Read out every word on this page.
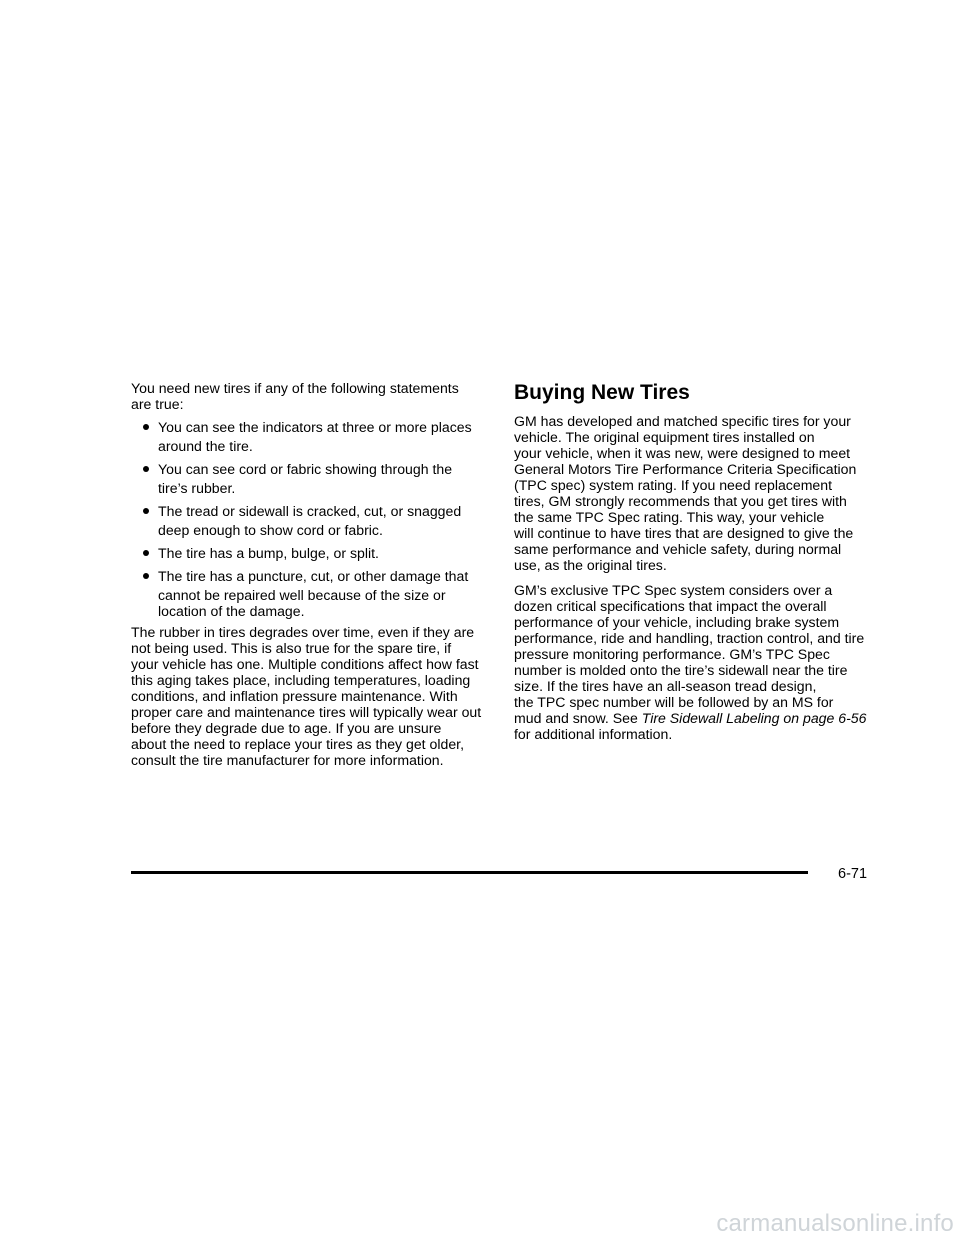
You need new tires if any of the following statements
are true:
You can see the indicators at three or more places
around the tire.
You can see cord or fabric showing through the
tire’s rubber.
The tread or sidewall is cracked, cut, or snagged
deep enough to show cord or fabric.
The tire has a bump, bulge, or split.
The tire has a puncture, cut, or other damage that
cannot be repaired well because of the size or
location of the damage.
The rubber in tires degrades over time, even if they are
not being used. This is also true for the spare tire, if
your vehicle has one. Multiple conditions affect how fast
this aging takes place, including temperatures, loading
conditions, and inflation pressure maintenance. With
proper care and maintenance tires will typically wear out
before they degrade due to age. If you are unsure
about the need to replace your tires as they get older,
consult the tire manufacturer for more information.
Buying New Tires
GM has developed and matched specific tires for your
vehicle. The original equipment tires installed on
your vehicle, when it was new, were designed to meet
General Motors Tire Performance Criteria Specification
(TPC spec) system rating. If you need replacement
tires, GM strongly recommends that you get tires with
the same TPC Spec rating. This way, your vehicle
will continue to have tires that are designed to give the
same performance and vehicle safety, during normal
use, as the original tires.
GM’s exclusive TPC Spec system considers over a
dozen critical specifications that impact the overall
performance of your vehicle, including brake system
performance, ride and handling, traction control, and tire
pressure monitoring performance. GM’s TPC Spec
number is molded onto the tire’s sidewall near the tire
size. If the tires have an all-season tread design,
the TPC spec number will be followed by an MS for
mud and snow. See Tire Sidewall Labeling on page 6-56
for additional information.
6-71
carmanualsonline.info
